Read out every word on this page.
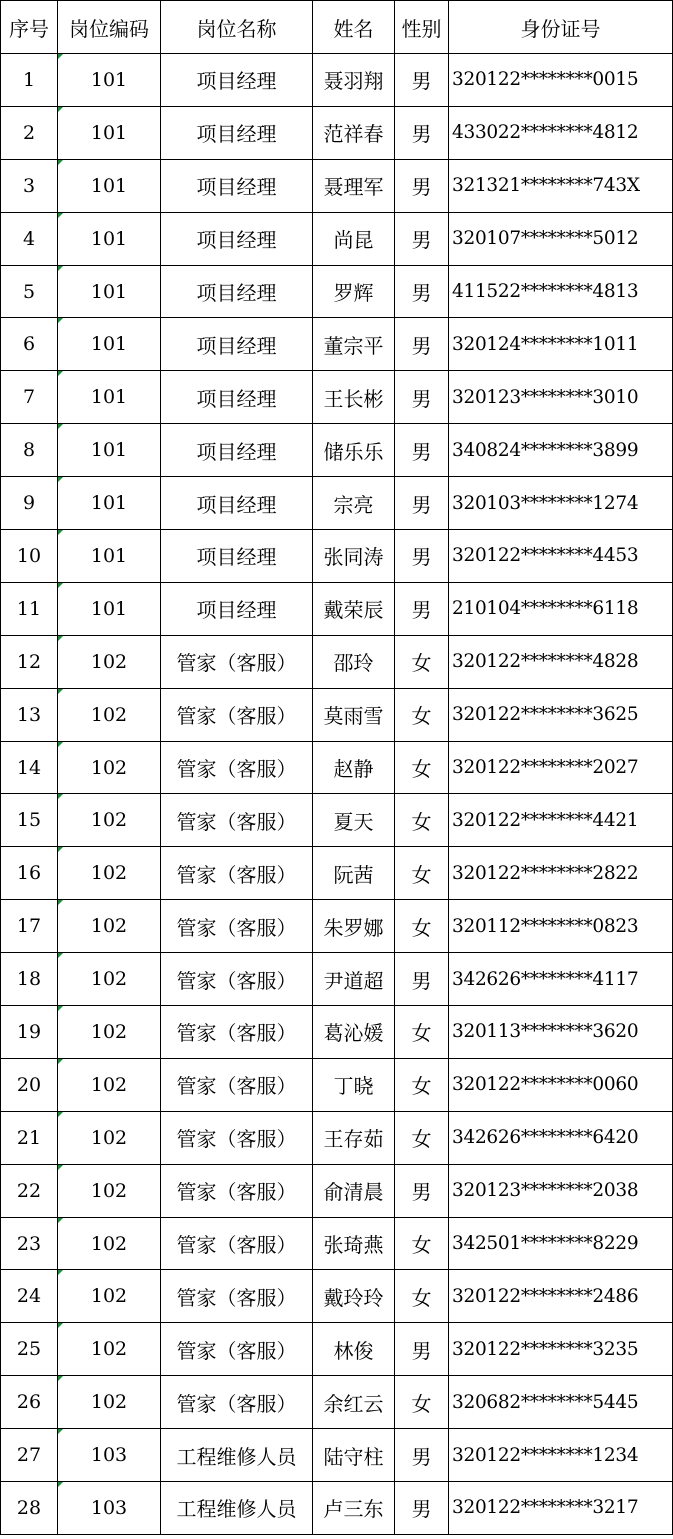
序号	岗位编码	岗位名称	姓名	性别	身份证号
1	101	项目经理	聂羽翔	男	320122********0015
2	101	项目经理	范祥春	男	433022********4812
3	101	项目经理	聂理军	男	321321********743X
4	101	项目经理	尚昆	男	320107********5012
5	101	项目经理	罗辉	男	411522********4813
6	101	项目经理	董宗平	男	320124********1011
7	101	项目经理	王长彬	男	320123********3010
8	101	项目经理	储乐乐	男	340824********3899
9	101	项目经理	宗亮	男	320103********1274
10	101	项目经理	张同涛	男	320122********4453
11	101	项目经理	戴荣辰	男	210104********6118
12	102	管家（客服）	邵玲	女	320122********4828
13	102	管家（客服）	莫雨雪	女	320122********3625
14	102	管家（客服）	赵静	女	320122********2027
15	102	管家（客服）	夏天	女	320122********4421
16	102	管家（客服）	阮茜	女	320122********2822
17	102	管家（客服）	朱罗娜	女	320112********0823
18	102	管家（客服）	尹道超	男	342626********4117
19	102	管家（客服）	葛沁媛	女	320113********3620
20	102	管家（客服）	丁晓	女	320122********0060
21	102	管家（客服）	王存茹	女	342626********6420
22	102	管家（客服）	俞清晨	男	320123********2038
23	102	管家（客服）	张琦燕	女	342501********8229
24	102	管家（客服）	戴玲玲	女	320122********2486
25	102	管家（客服）	林俊	男	320122********3235
26	102	管家（客服）	余红云	女	320682********5445
27	103	工程维修人员	陆守柱	男	320122********1234
28	103	工程维修人员	卢三东	男	320122********3217
